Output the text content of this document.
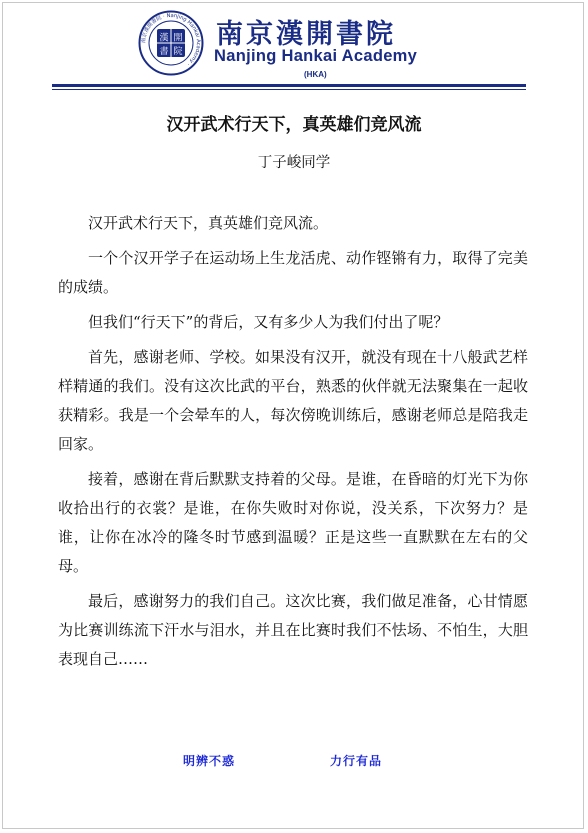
漢 開
書 院
南京漢開書院 · Nanjing Hankai Academy ·
南京漢開書院
Nanjing Hankai Academy
(HKA)
汉开武术行天下，真英雄们竞风流
丁子峻同学

汉开武术行天下，真英雄们竞风流。

一个个汉开学子在运动场上生龙活虎、动作铿锵有力，取得了完美的成绩。

但我们“行天下”的背后，又有多少人为我们付出了呢？

首先，感谢老师、学校。如果没有汉开，就没有现在十八般武艺样样精通的我们。没有这次比武的平台，熟悉的伙伴就无法聚集在一起收获精彩。我是一个会晕车的人，每次傍晚训练后，感谢老师总是陪我走回家。

接着，感谢在背后默默支持着的父母。是谁，在昏暗的灯光下为你收拾出行的衣裳？是谁，在你失败时对你说，没关系，下次努力？是谁，让你在冰冷的隆冬时节感到温暖？正是这些一直默默在左右的父母。

最后，感谢努力的我们自己。这次比赛，我们做足准备，心甘情愿为比赛训练流下汗水与泪水，并且在比赛时我们不怯场、不怕生，大胆表现自己……

明辨不惑	力行有品
